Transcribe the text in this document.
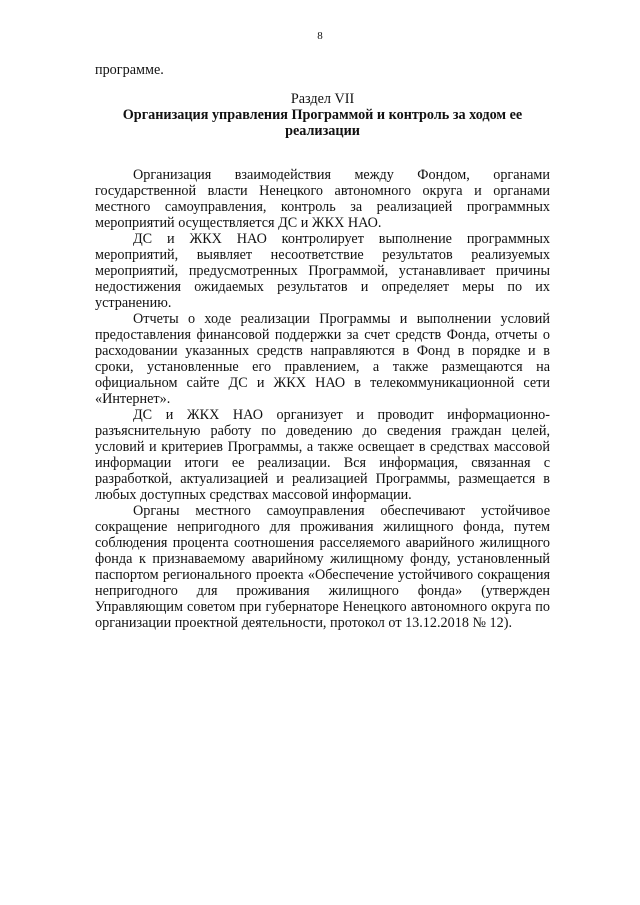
8

программе.

Раздел VII

Организация управления Программой и контроль за ходом ее реализации

Организация взаимодействия между Фондом, органами государственной власти Ненецкого автономного округа и органами местного самоуправления, контроль за реализацией программных мероприятий осуществляется ДС и ЖКХ НАО.

ДС и ЖКХ НАО контролирует выполнение программных мероприятий, выявляет несоответствие результатов реализуемых мероприятий, предусмотренных Программой, устанавливает причины недостижения ожидаемых результатов и определяет меры по их устранению.

Отчеты о ходе реализации Программы и выполнении условий предоставления финансовой поддержки за счет средств Фонда, отчеты о расходовании указанных средств направляются в Фонд в порядке и в сроки, установленные его правлением, а также размещаются на официальном сайте ДС и ЖКХ НАО в телекоммуникационной сети «Интернет».

ДС и ЖКХ НАО организует и проводит информационно-разъяснительную работу по доведению до сведения граждан целей, условий и критериев Программы, а также освещает в средствах массовой информации итоги ее реализации. Вся информация, связанная с разработкой, актуализацией и реализацией Программы, размещается в любых доступных средствах массовой информации.

Органы местного самоуправления обеспечивают устойчивое сокращение непригодного для проживания жилищного фонда, путем соблюдения процента соотношения расселяемого аварийного жилищного фонда к признаваемому аварийному жилищному фонду, установленный паспортом регионального проекта «Обеспечение устойчивого сокращения непригодного для проживания жилищного фонда» (утвержден Управляющим советом при губернаторе Ненецкого автономного округа по организации проектной деятельности, протокол от 13.12.2018 № 12).
